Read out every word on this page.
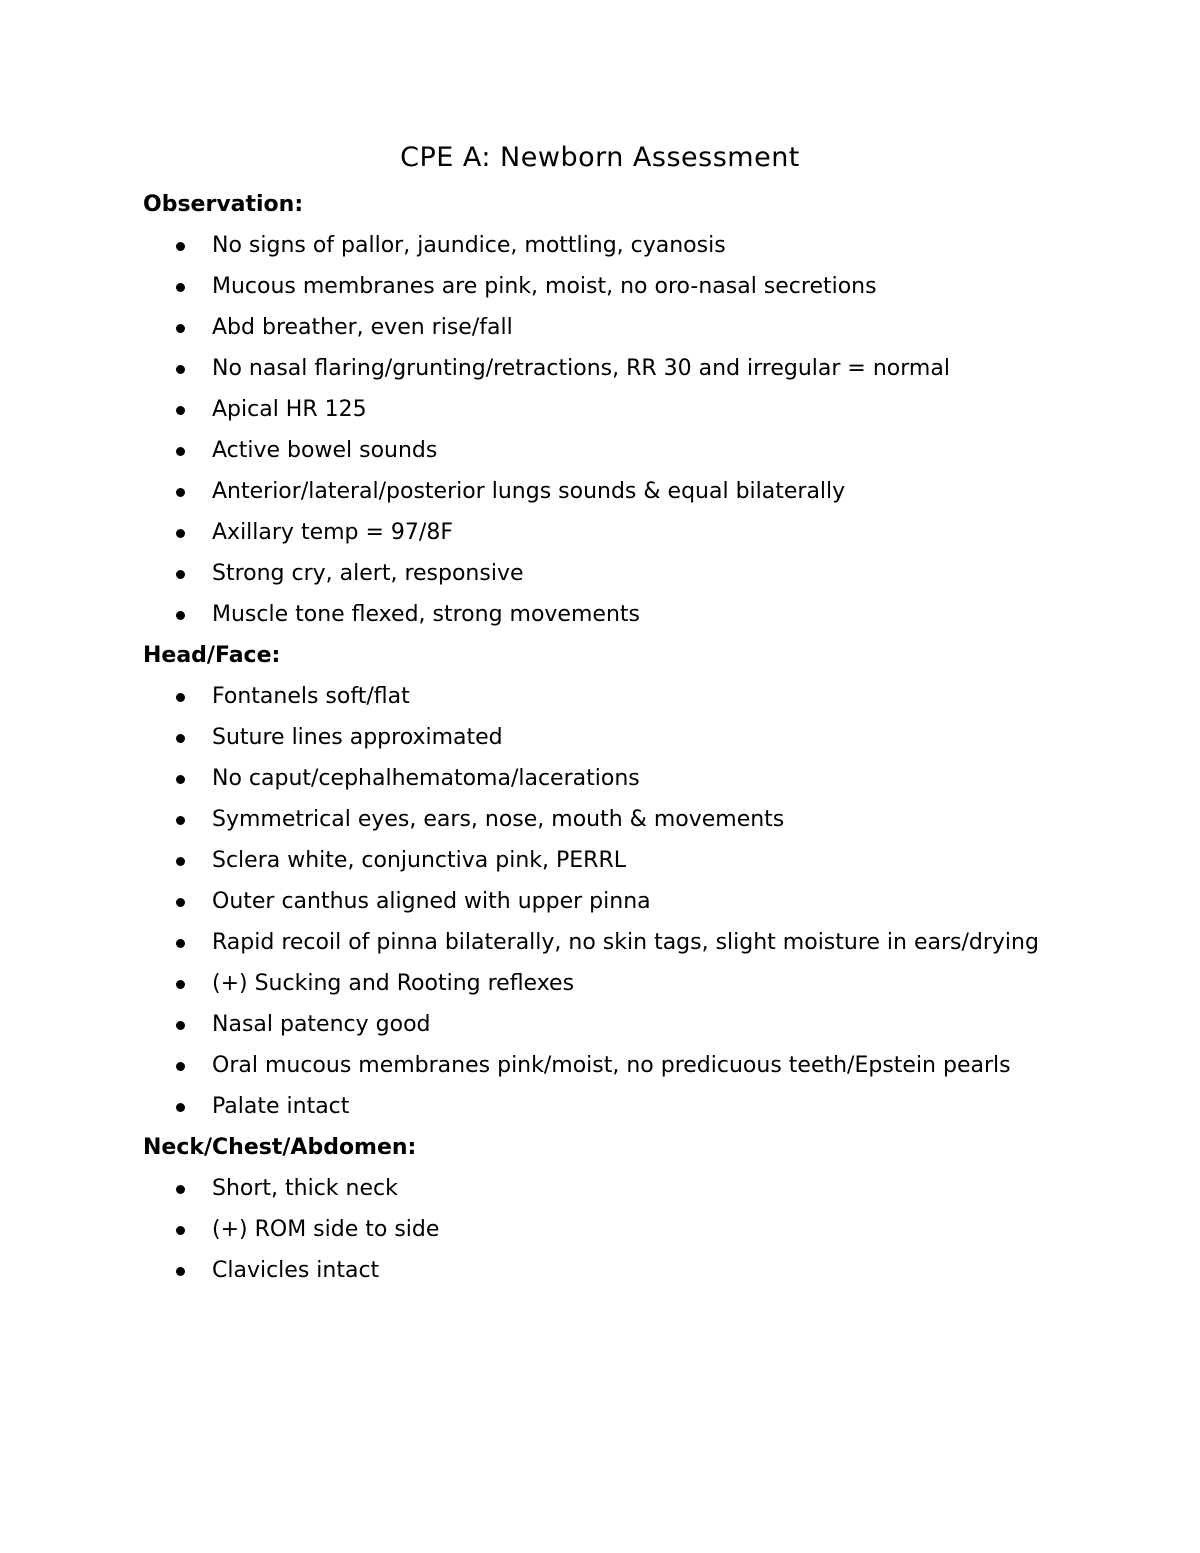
CPE A: Newborn Assessment
Observation:
No signs of pallor, jaundice, mottling, cyanosis
Mucous membranes are pink, moist, no oro-nasal secretions
Abd breather, even rise/fall
No nasal flaring/grunting/retractions, RR 30 and irregular = normal
Apical HR 125
Active bowel sounds
Anterior/lateral/posterior lungs sounds & equal bilaterally
Axillary temp = 97/8F
Strong cry, alert, responsive
Muscle tone flexed, strong movements
Head/Face:
Fontanels soft/flat
Suture lines approximated
No caput/cephalhematoma/lacerations
Symmetrical eyes, ears, nose, mouth & movements
Sclera white, conjunctiva pink, PERRL
Outer canthus aligned with upper pinna
Rapid recoil of pinna bilaterally, no skin tags, slight moisture in ears/drying
(+) Sucking and Rooting reflexes
Nasal patency good
Oral mucous membranes pink/moist, no predicuous teeth/Epstein pearls
Palate intact
Neck/Chest/Abdomen:
Short, thick neck
(+) ROM side to side
Clavicles intact
